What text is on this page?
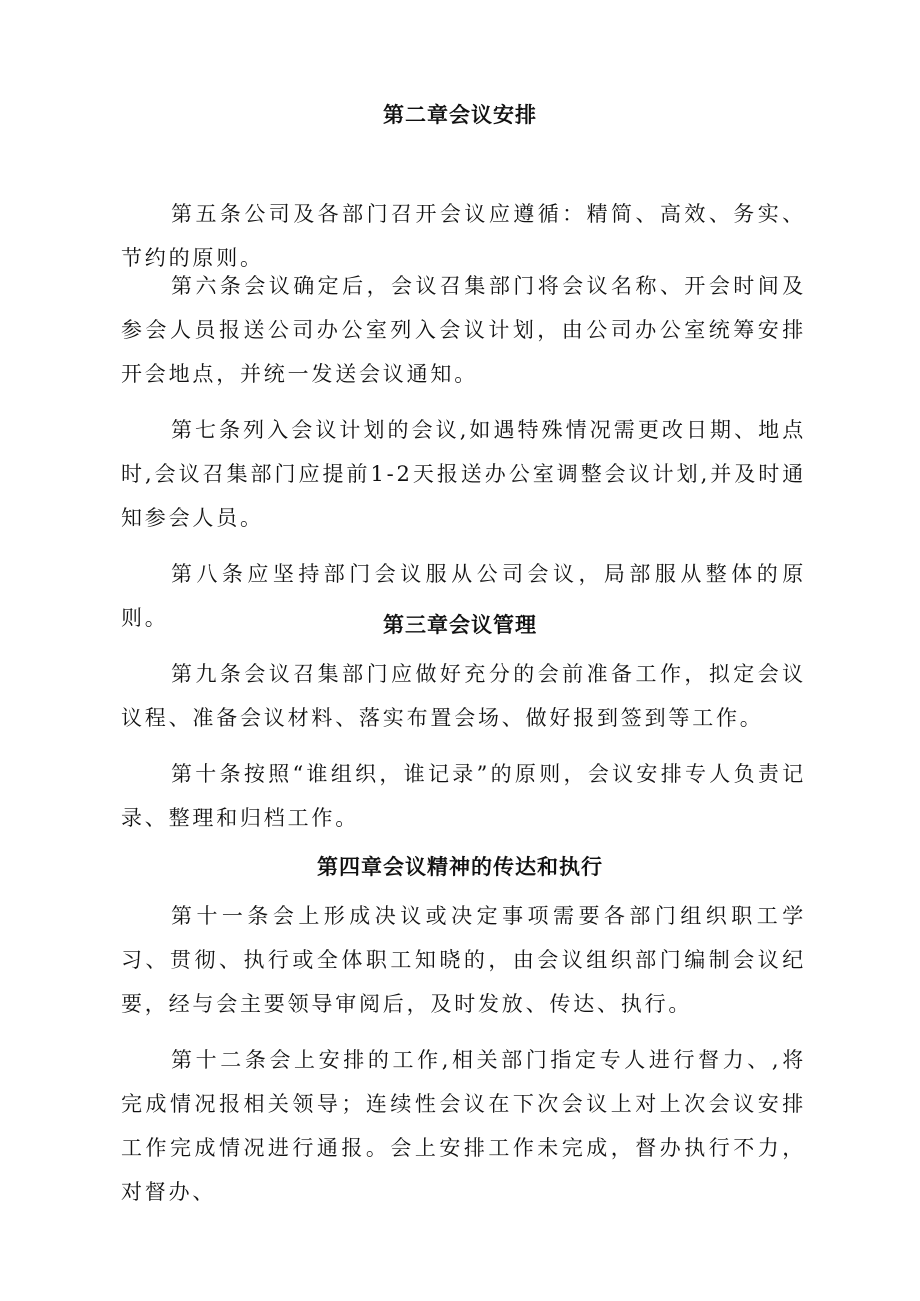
第二章会议安排

第五条公司及各部门召开会议应遵循：精简、高效、务实、节约的原则。

第六条会议确定后，会议召集部门将会议名称、开会时间及参会人员报送公司办公室列入会议计划，由公司办公室统筹安排开会地点，并统一发送会议通知。

第七条列入会议计划的会议,如遇特殊情况需更改日期、地点时,会议召集部门应提前1-2天报送办公室调整会议计划,并及时通知参会人员。

第八条应坚持部门会议服从公司会议，局部服从整体的原则。	第三章会议管理

第九条会议召集部门应做好充分的会前准备工作，拟定会议议程、准备会议材料、落实布置会场、做好报到签到等工作。

第十条按照“谁组织，谁记录”的原则，会议安排专人负责记录、整理和归档工作。

第四章会议精神的传达和执行

第十一条会上形成决议或决定事项需要各部门组织职工学习、贯彻、执行或全体职工知晓的，由会议组织部门编制会议纪要，经与会主要领导审阅后，及时发放、传达、执行。

第十二条会上安排的工作,相关部门指定专人进行督力、,将完成情况报相关领导；连续性会议在下次会议上对上次会议安排工作完成情况进行通报。会上安排工作未完成，督办执行不力，对督办、
